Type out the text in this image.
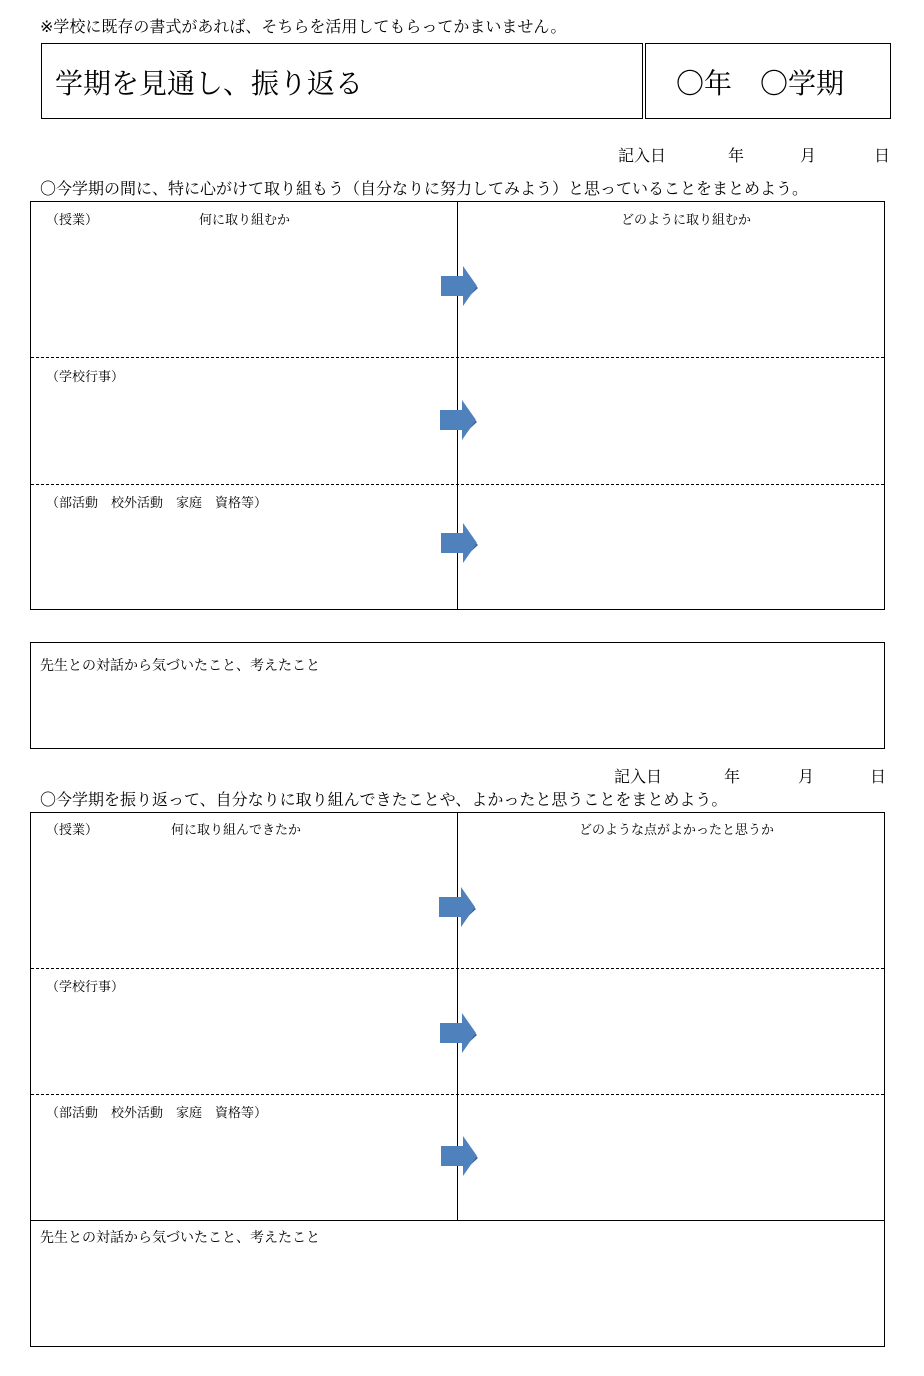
※学校に既存の書式があれば、そちらを活用してもらってかまいません。
学期を見通し、振り返る	〇年　〇学期
記入日	年	月	日
〇今学期の間に、特に心がけて取り組もう（自分なりに努力してみよう）と思っていることをまとめよう。
（授業）	何に取り組むか	どのように取り組むか
（学校行事）
（部活動　校外活動　家庭　資格等）
先生との対話から気づいたこと、考えたこと
記入日	年	月	日
〇今学期を振り返って、自分なりに取り組んできたことや、よかったと思うことをまとめよう。
（授業）	何に取り組んできたか	どのような点がよかったと思うか
（学校行事）
（部活動　校外活動　家庭　資格等）
先生との対話から気づいたこと、考えたこと
